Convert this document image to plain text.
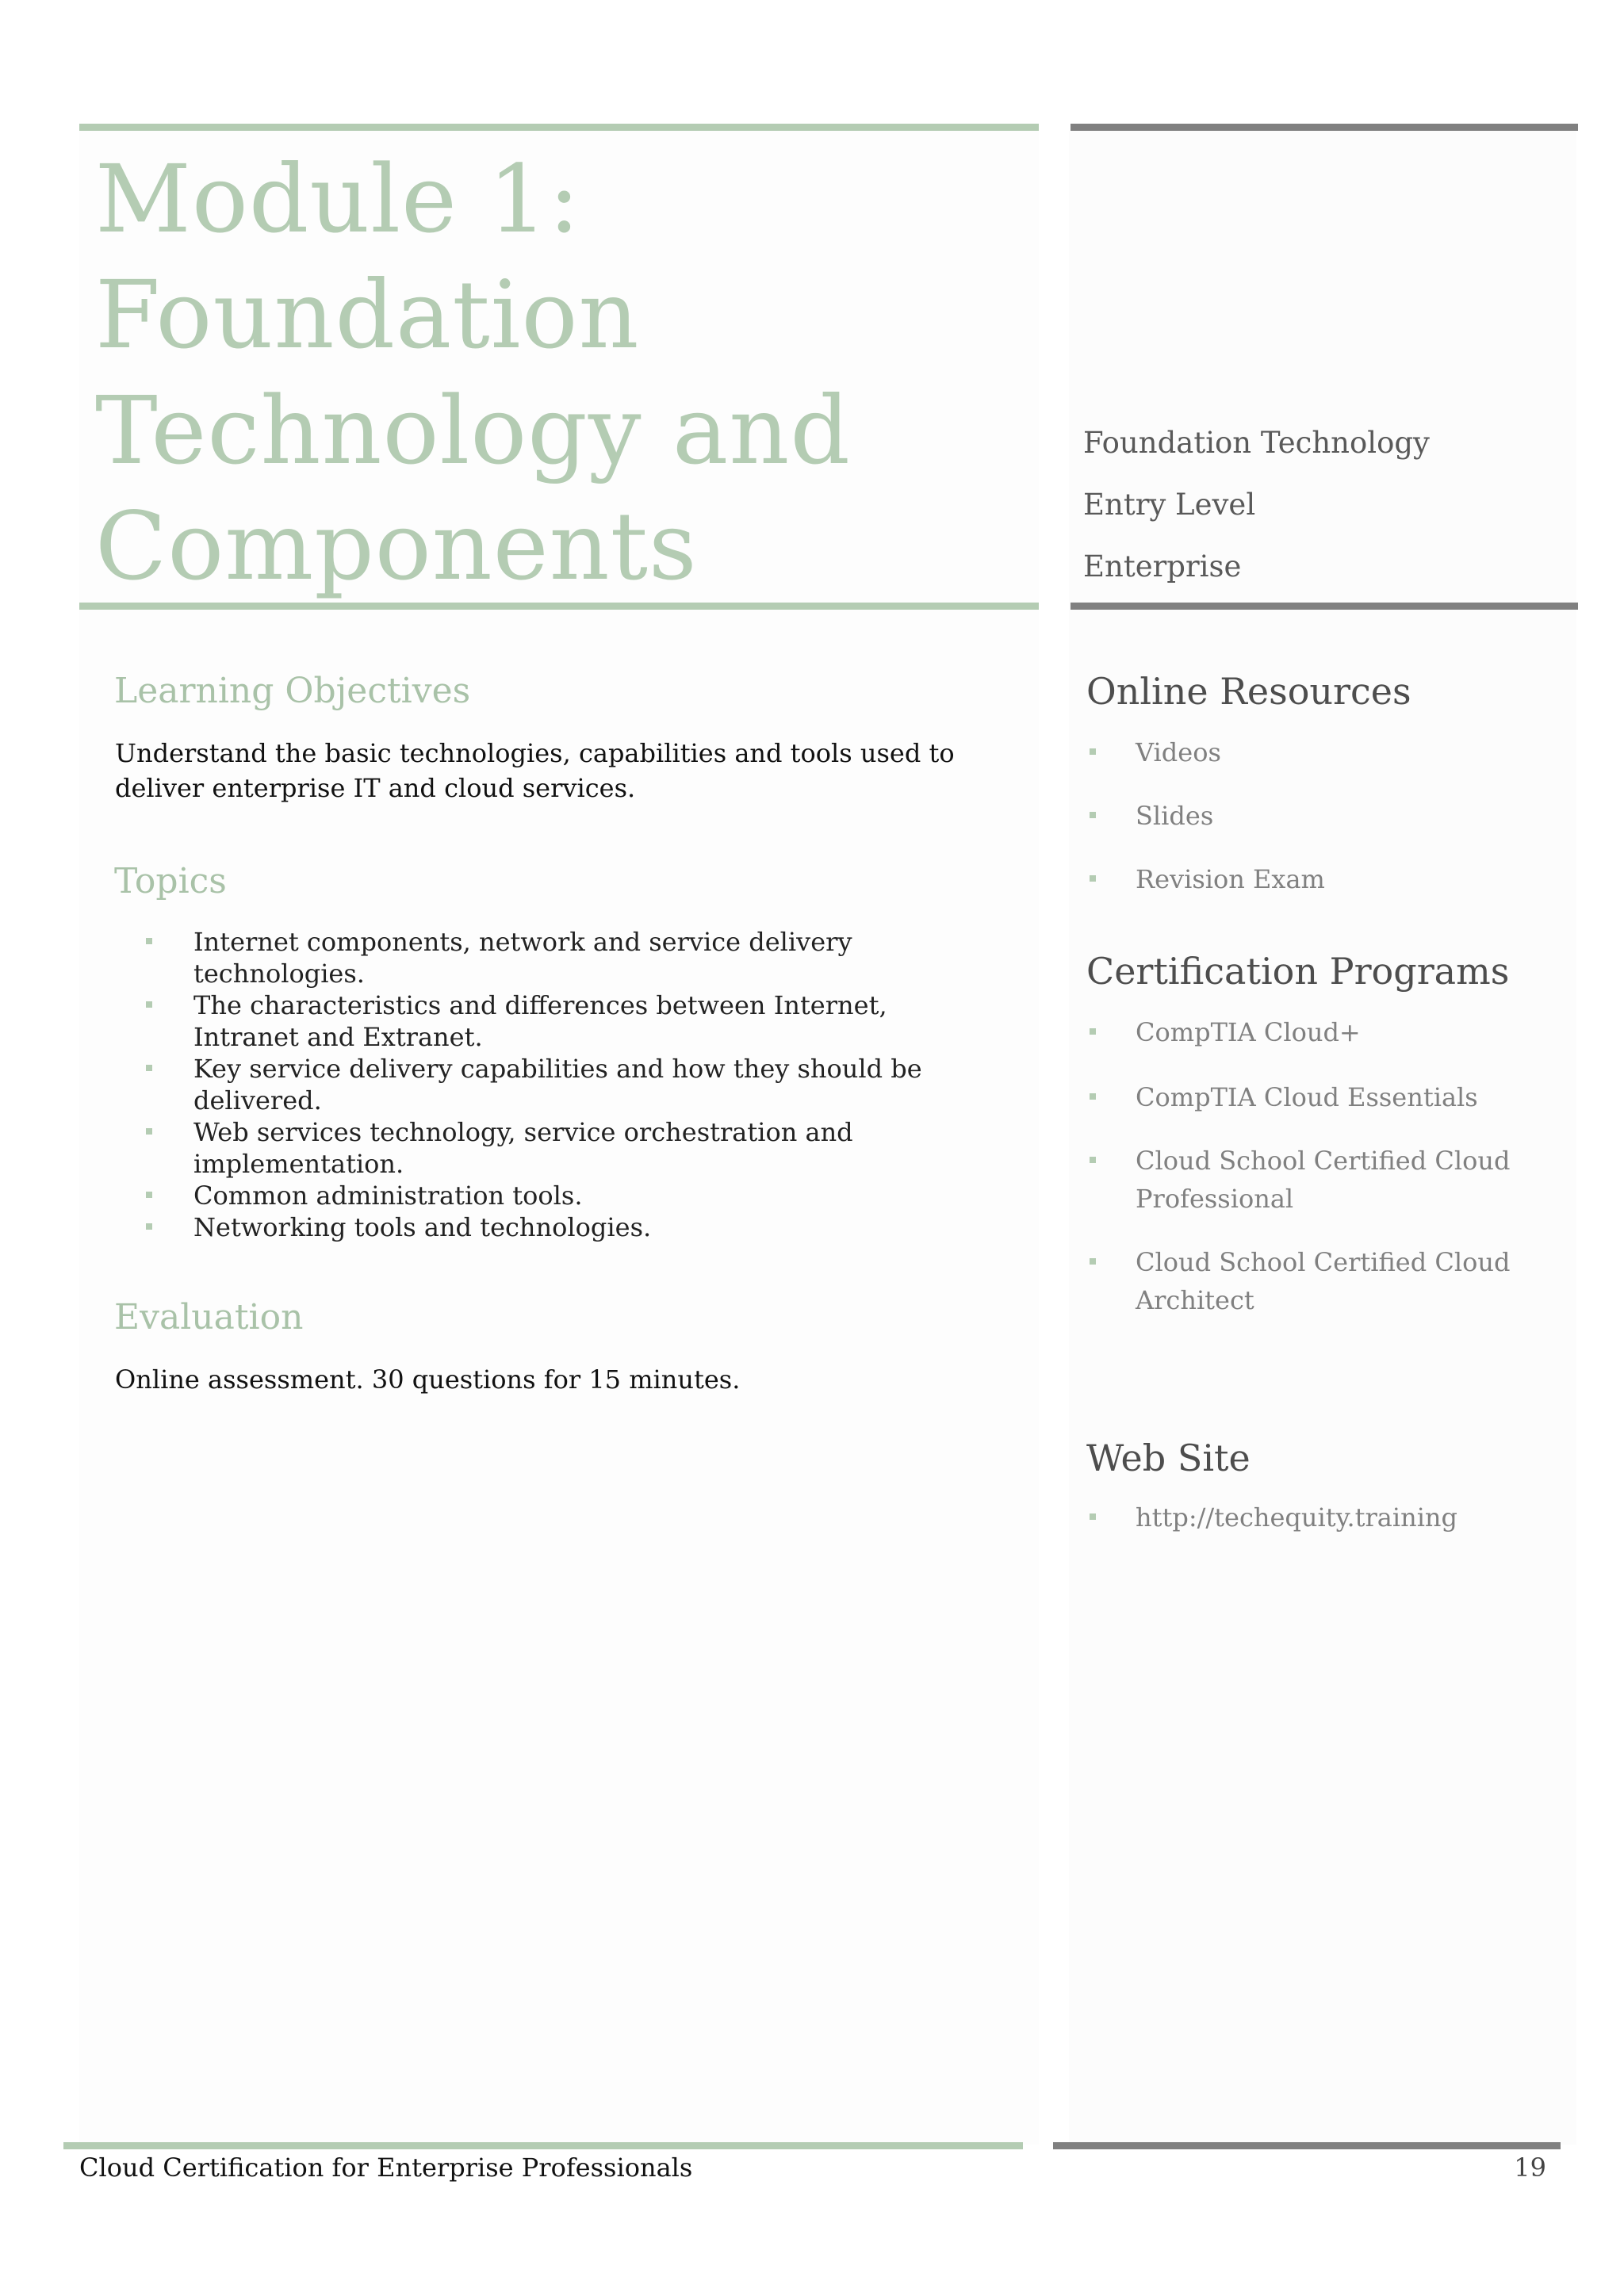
Module 1: Foundation Technology and Components
Foundation Technology
Entry Level
Enterprise
Learning Objectives

Understand the basic technologies, capabilities and tools used to deliver enterprise IT and cloud services.

Topics
Internet components, network and service delivery technologies.
The characteristics and differences between Internet, Intranet and Extranet.
Key service delivery capabilities and how they should be delivered.
Web services technology, service orchestration and implementation.
Common administration tools.
Networking tools and technologies.
Evaluation

Online assessment. 30 questions for 15 minutes.

Online Resources
Videos
Slides
Revision Exam
Certification Programs
CompTIA Cloud+
CompTIA Cloud Essentials
Cloud School Certified Cloud Professional
Cloud School Certified Cloud Architect
Web Site
http://techequity.training

Cloud Certification for Enterprise Professionals	19
